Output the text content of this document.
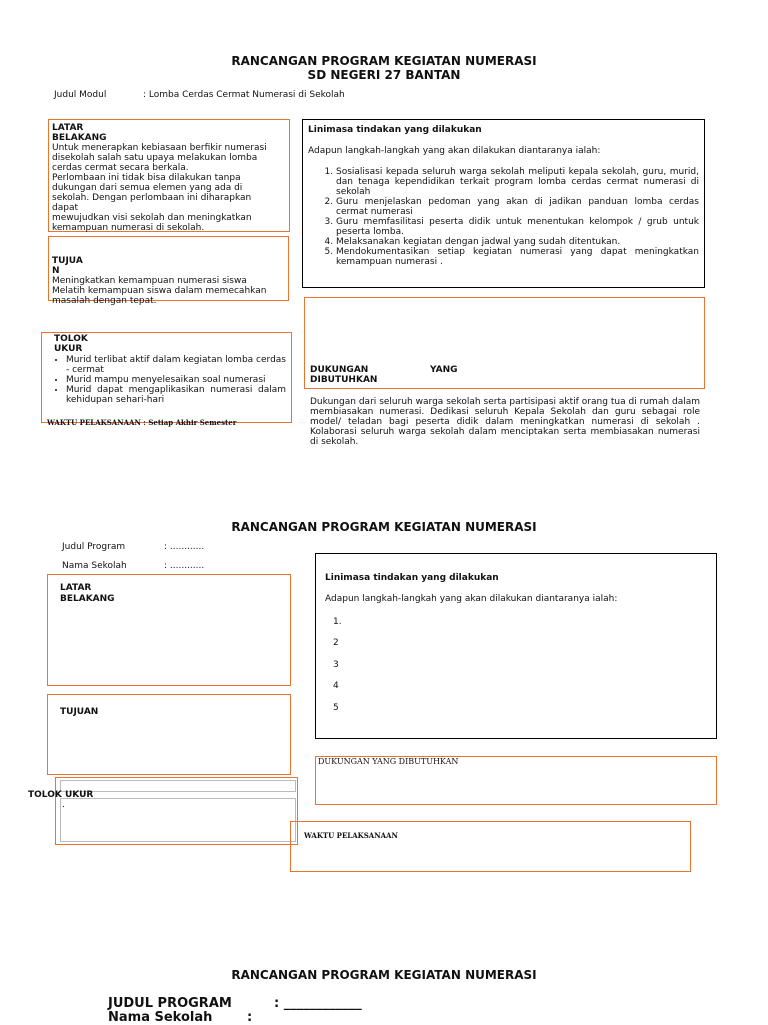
RANCANGAN PROGRAM KEGIATAN NUMERASI
SD NEGERI 27 BANTAN
Judul Modul	: Lomba Cerdas Cermat Numerasi di Sekolah
LATAR
BELAKANG
Untuk menerapkan kebiasaan berfikir numerasi
disekolah salah satu upaya melakukan lomba
cerdas cermat secara berkala.
Perlombaan ini tidak bisa dilakukan tanpa
dukungan dari semua elemen yang ada di
sekolah. Dengan perlombaan ini diharapkan
dapat
mewujudkan visi sekolah dan meningkatkan
kemampuan numerasi di sekolah.
TUJUA
N
Meningkatkan kemampuan numerasi siswa
Melatih kemampuan siswa dalam memecahkan
masalah dengan tepat.
TOLOK
UKUR
• Murid terlibat aktif dalam kegiatan lomba cerdas - cermat
• Murid mampu menyelesaikan soal numerasi
• Murid dapat mengaplikasikan numerasi dalam kehidupan sehari-hari
WAKTU PELAKSANAAN : Setiap Akhir Semester
Linimasa tindakan yang dilakukan
Adapun langkah-langkah yang akan dilakukan diantaranya ialah:
1. Sosialisasi kepada seluruh warga sekolah meliputi kepala sekolah, guru, murid, dan tenaga kependidikan terkait program lomba cerdas cermat numerasi di sekolah
2. Guru menjelaskan pedoman yang akan di jadikan panduan lomba cerdas cermat numerasi
3. Guru memfasilitasi peserta didik untuk menentukan kelompok / grub untuk peserta lomba.
4. Melaksanakan kegiatan dengan jadwal yang sudah ditentukan.
5. Mendokumentasikan setiap kegiatan numerasi yang dapat meningkatkan kemampuan numerasi .
DUKUNGAN	YANG
DIBUTUHKAN
Dukungan dari seluruh warga sekolah serta partisipasi aktif orang tua di rumah dalam membiasakan numerasi. Dedikasi seluruh Kepala Sekolah dan guru sebagai role model/ teladan bagi peserta didik dalam meningkatkan numerasi di sekolah . Kolaborasi seluruh warga sekolah dalam menciptakan serta membiasakan numerasi di sekolah.
RANCANGAN PROGRAM KEGIATAN NUMERASI
Judul Program	: ............
Nama Sekolah	: ............
LATAR
BELAKANG
TUJUAN
.
TOLOK UKUR
Linimasa tindakan yang dilakukan
Adapun langkah-langkah yang akan dilakukan diantaranya ialah:
1.
2
3
4
5
DUKUNGAN YANG DIBUTUHKAN
WAKTU PELAKSANAAN
RANCANGAN PROGRAM KEGIATAN NUMERASI
JUDUL PROGRAM	: ____________
Nama Sekolah	:
